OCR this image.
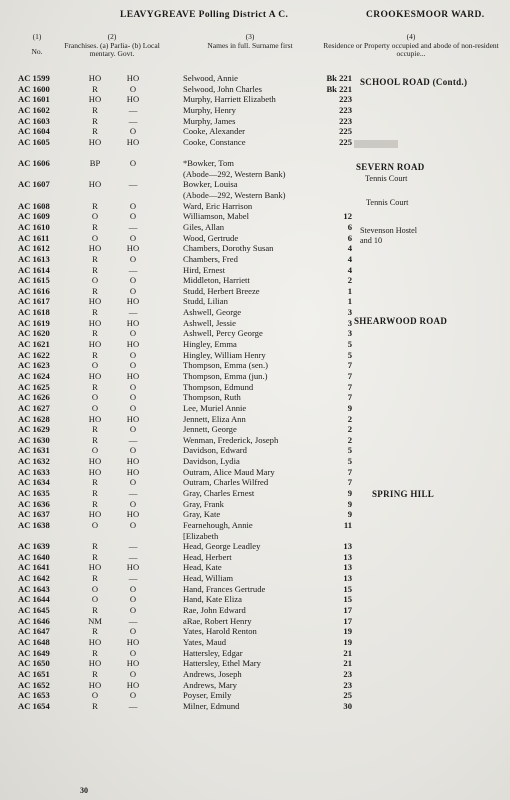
LEAVYGREAVE Polling District A C.	CROOKESMOOR WARD.
(1)
No.
(2)
Franchises. (a) Parlia- (b) Local mentary. Govt.
(3)
Names in full. Surname first
(4)
Residence or Property occupied and abode of non-resident occupie...
AC 1599	HO	HO	Selwood, Annie	Bk 221
AC 1600	R	O	Selwood, John Charles	Bk 221
AC 1601	HO	HO	Murphy, Harriett Elizabeth	223
AC 1602	R	—	Murphy, Henry	223
AC 1603	R	—	Murphy, James	223
AC 1604	R	O	Cooke, Alexander	225
AC 1605	HO	HO	Cooke, Constance	225
AC 1606	BP	O	*Bowker, Tom
(Abode—292, Western Bank)
AC 1607	HO	—	Bowker, Louisa
(Abode—292, Western Bank)
AC 1608	R	O	Ward, Eric Harrison
AC 1609	O	O	Williamson, Mabel	12
AC 1610	R	—	Giles, Allan	6
AC 1611	O	O	Wood, Gertrude	6
AC 1612	HO	HO	Chambers, Dorothy Susan	4
AC 1613	R	O	Chambers, Fred	4
AC 1614	R	—	Hird, Ernest	4
AC 1615	O	O	Middleton, Harriett	2
AC 1616	R	O	Studd, Herbert Breeze	1
AC 1617	HO	HO	Studd, Lilian	1
AC 1618	R	—	Ashwell, George	3
AC 1619	HO	HO	Ashwell, Jessie	3
AC 1620	R	O	Ashwell, Percy George	3
AC 1621	HO	HO	Hingley, Emma	5
AC 1622	R	O	Hingley, William Henry	5
AC 1623	O	O	Thompson, Emma (sen.)	7
AC 1624	HO	HO	Thompson, Emma (jun.)	7
AC 1625	R	O	Thompson, Edmund	7
AC 1626	O	O	Thompson, Ruth	7
AC 1627	O	O	Lee, Muriel Annie	9
AC 1628	HO	HO	Jennett, Eliza Ann	2
AC 1629	R	O	Jennett, George	2
AC 1630	R	—	Wenman, Frederick, Joseph	2
AC 1631	O	O	Davidson, Edward	5
AC 1632	HO	HO	Davidson, Lydia	5
AC 1633	HO	HO	Outram, Alice Maud Mary	7
AC 1634	R	O	Outram, Charles Wilfred	7
AC 1635	R	—	Gray, Charles Ernest	9
AC 1636	R	O	Gray, Frank	9
AC 1637	HO	HO	Gray, Kate	9
AC 1638	O	O	Fearnehough, Annie	11
[Elizabeth
AC 1639	R	—	Head, George Leadley	13
AC 1640	R	—	Head, Herbert	13
AC 1641	HO	HO	Head, Kate	13
AC 1642	R	—	Head, William	13
AC 1643	O	O	Hand, Frances Gertrude	15
AC 1644	O	O	Hand, Kate Eliza	15
AC 1645	R	O	Rae, John Edward	17
AC 1646	NM	—	aRae, Robert Henry	17
AC 1647	R	O	Yates, Harold Renton	19
AC 1648	HO	HO	Yates, Maud	19
AC 1649	R	O	Hattersley, Edgar	21
AC 1650	HO	HO	Hattersley, Ethel Mary	21
AC 1651	R	O	Andrews, Joseph	23
AC 1652	HO	HO	Andrews, Mary	23
AC 1653	O	O	Poyser, Emily	25
AC 1654	R	—	Milner, Edmund	30
SCHOOL ROAD (Contd.)
SEVERN ROAD
Tennis Court
Tennis Court
Stevenson Hostel
and 10
SHEARWOOD ROAD
SPRING HILL
30
